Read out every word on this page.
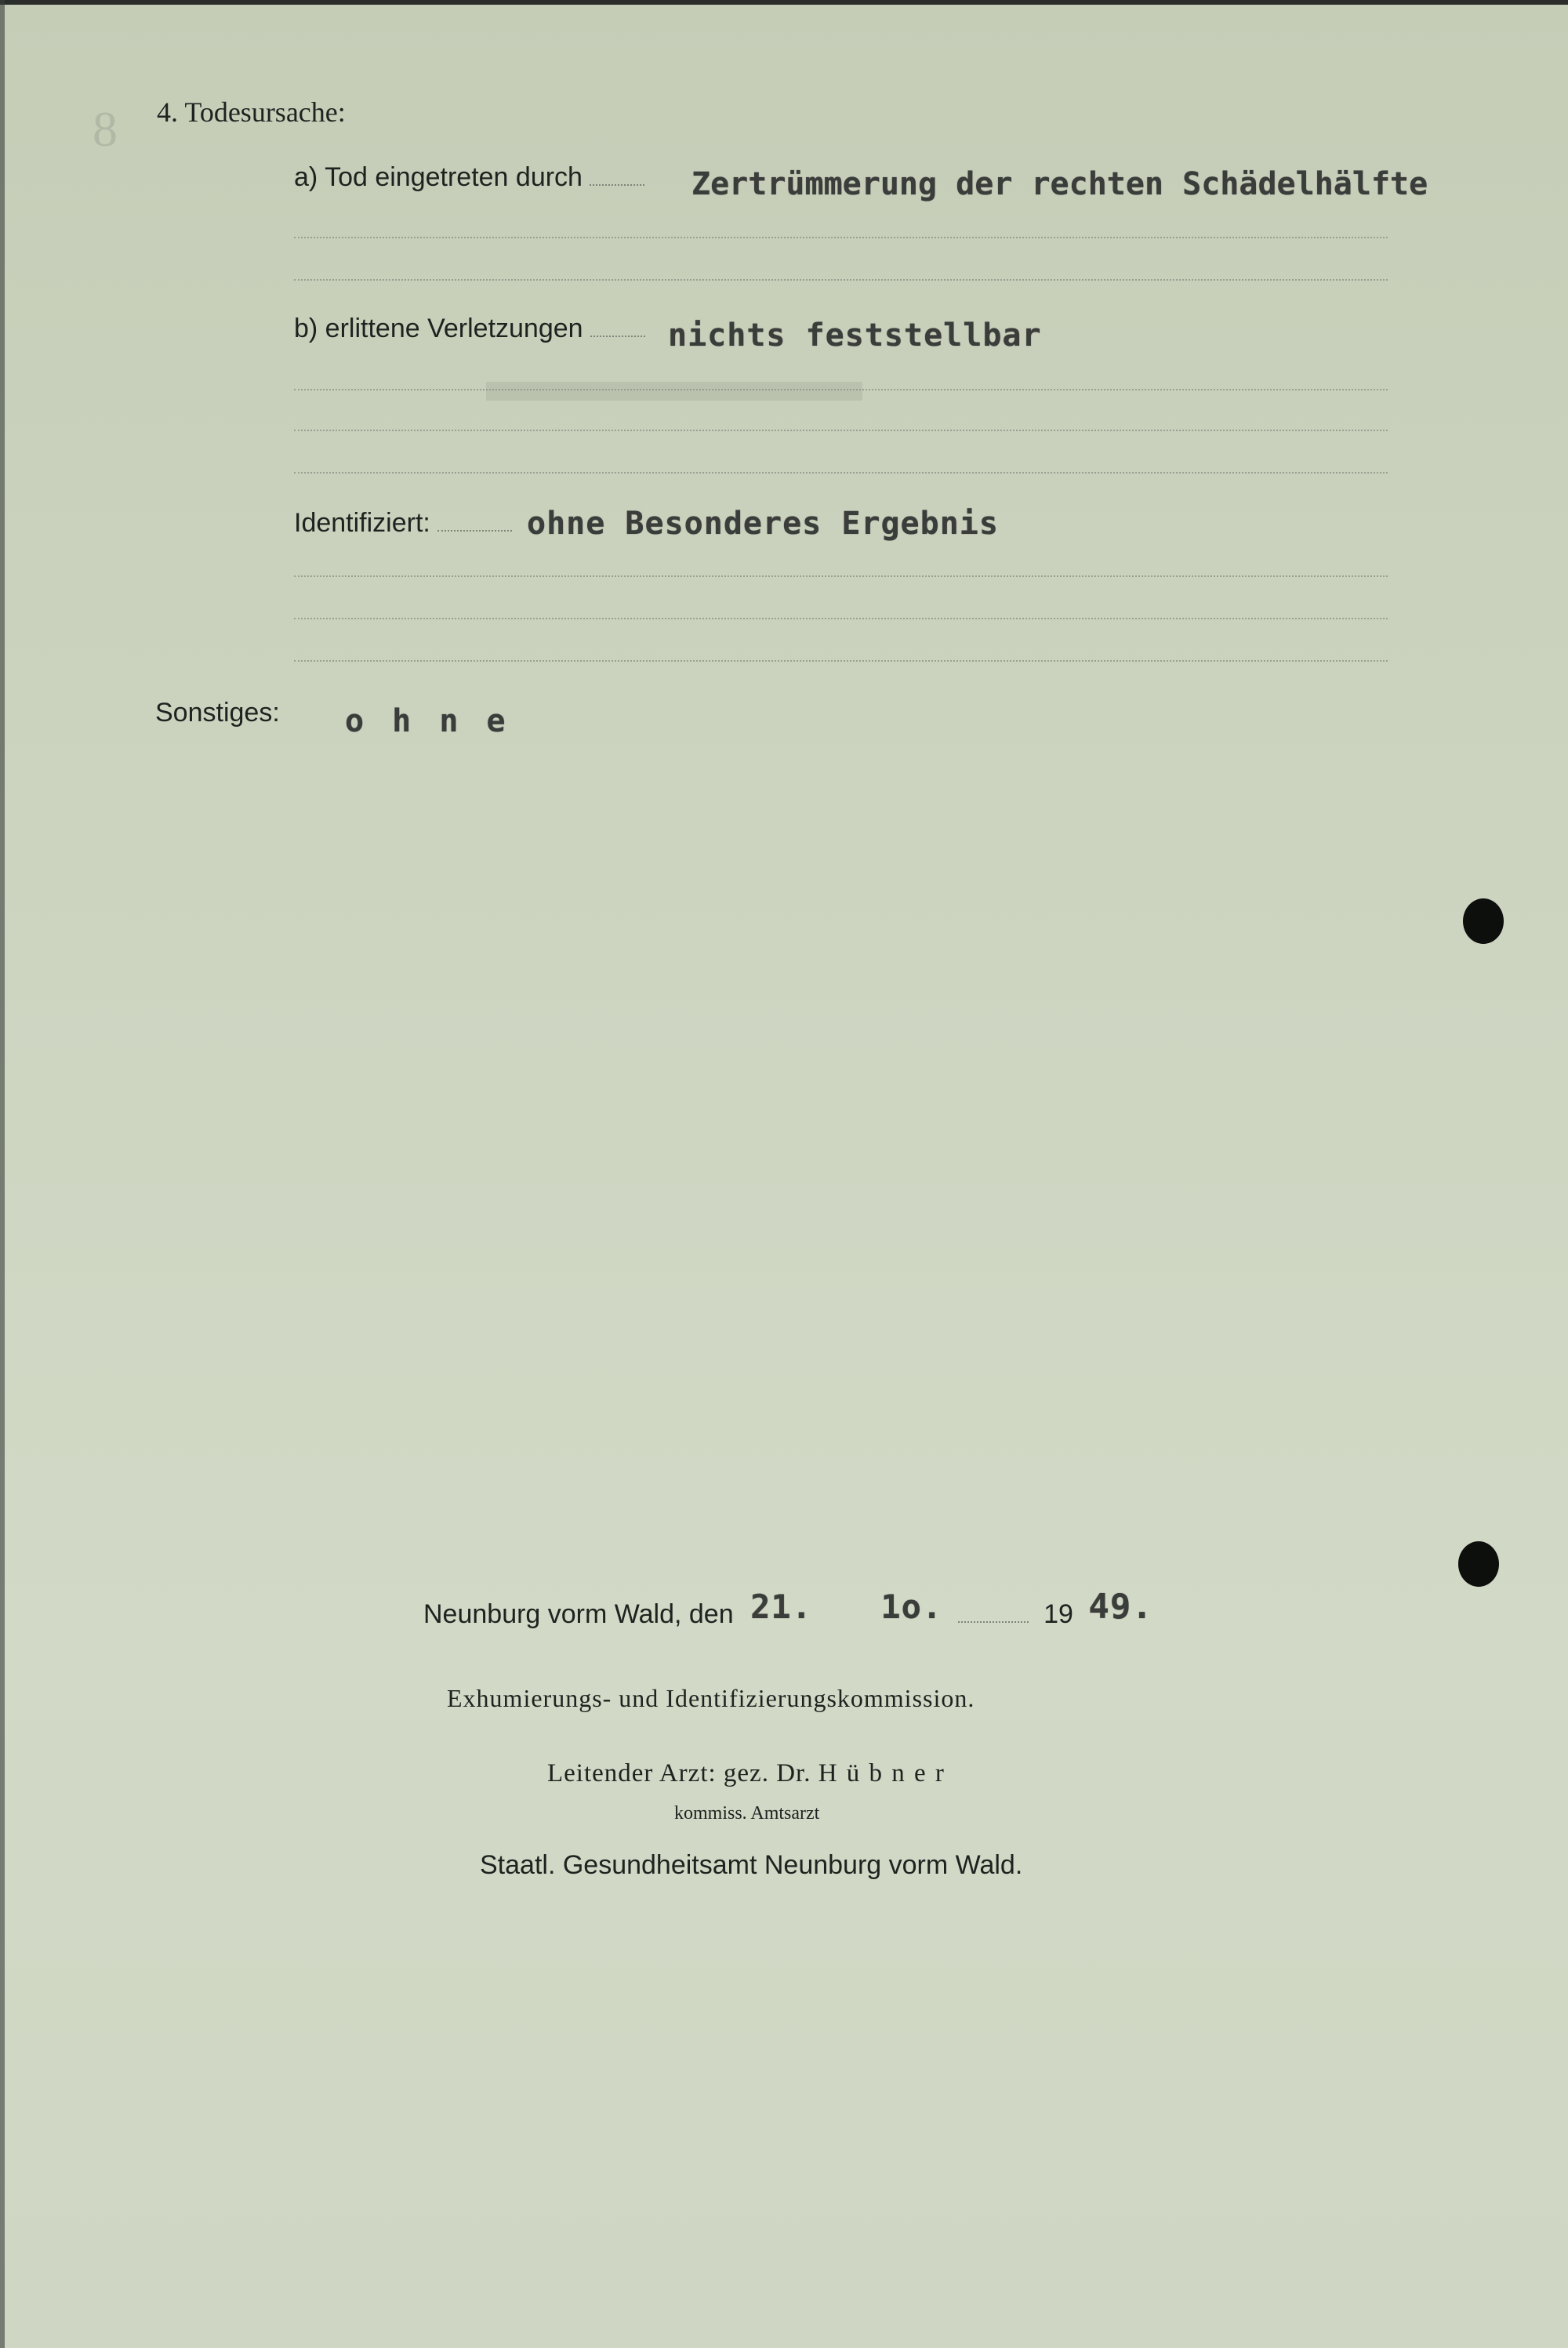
▬▬▬▬▬▬
8 4. Todesursache:
a) Tod eingetreten durch	Zertrümmerung der rechten Schädelhälfte
b) erlittene Verletzungen	nichts feststellbar
Identifiziert:	ohne Besonderes Ergebnis
Sonstiges: o h n e
Neunburg vorm Wald, den 21. 1o.	19 49.
Exhumierungs- und Identifizierungskommission.
Leitender Arzt: gez. Dr. H ü b n e r
kommiss. Amtsarzt
Staatl. Gesundheitsamt Neunburg vorm Wald.
